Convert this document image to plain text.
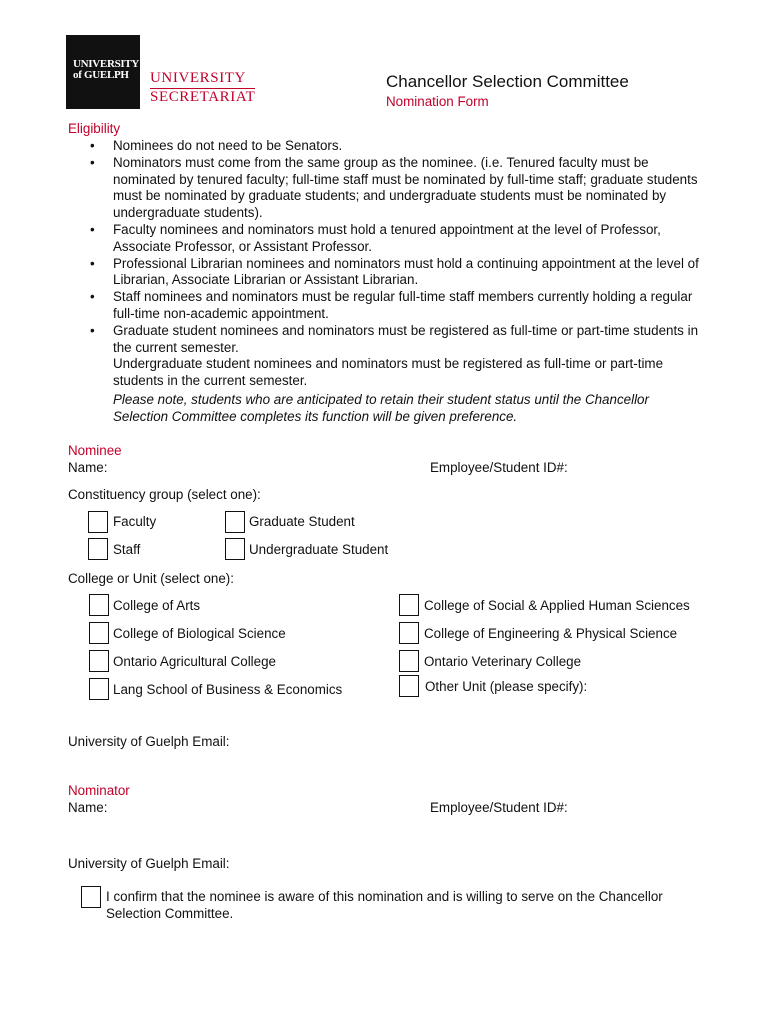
UNIVERSITY
of GUELPH	UNIVERSITY
SECRETARIAT
Chancellor Selection Committee
Nomination Form
Eligibility
• Nominees do not need to be Senators.
• Nominators must come from the same group as the nominee. (i.e. Tenured faculty must be nominated by tenured faculty; full-time staff must be nominated by full-time staff; graduate students must be nominated by graduate students; and undergraduate students must be nominated by undergraduate students).
• Faculty nominees and nominators must hold a tenured appointment at the level of Professor, Associate Professor, or Assistant Professor.
• Professional Librarian nominees and nominators must hold a continuing appointment at the level of Librarian, Associate Librarian or Assistant Librarian.
• Staff nominees and nominators must be regular full-time staff members currently holding a regular full-time non-academic appointment.
• Graduate student nominees and nominators must be registered as full-time or part-time students in the current semester.
Undergraduate student nominees and nominators must be registered as full-time or part-time students in the current semester.
Please note, students who are anticipated to retain their student status until the Chancellor Selection Committee completes its function will be given preference.
Nominee
Name:	Employee/Student ID#:
Constituency group (select one):
Faculty	Graduate Student
Staff	Undergraduate Student
College or Unit (select one):
College of Arts	College of Social & Applied Human Sciences
College of Biological Science	College of Engineering & Physical Science
Ontario Agricultural College	Ontario Veterinary College
Lang School of Business & Economics	Other Unit (please specify):
University of Guelph Email:
Nominator
Name:	Employee/Student ID#:
University of Guelph Email:
I confirm that the nominee is aware of this nomination and is willing to serve on the Chancellor Selection Committee.
